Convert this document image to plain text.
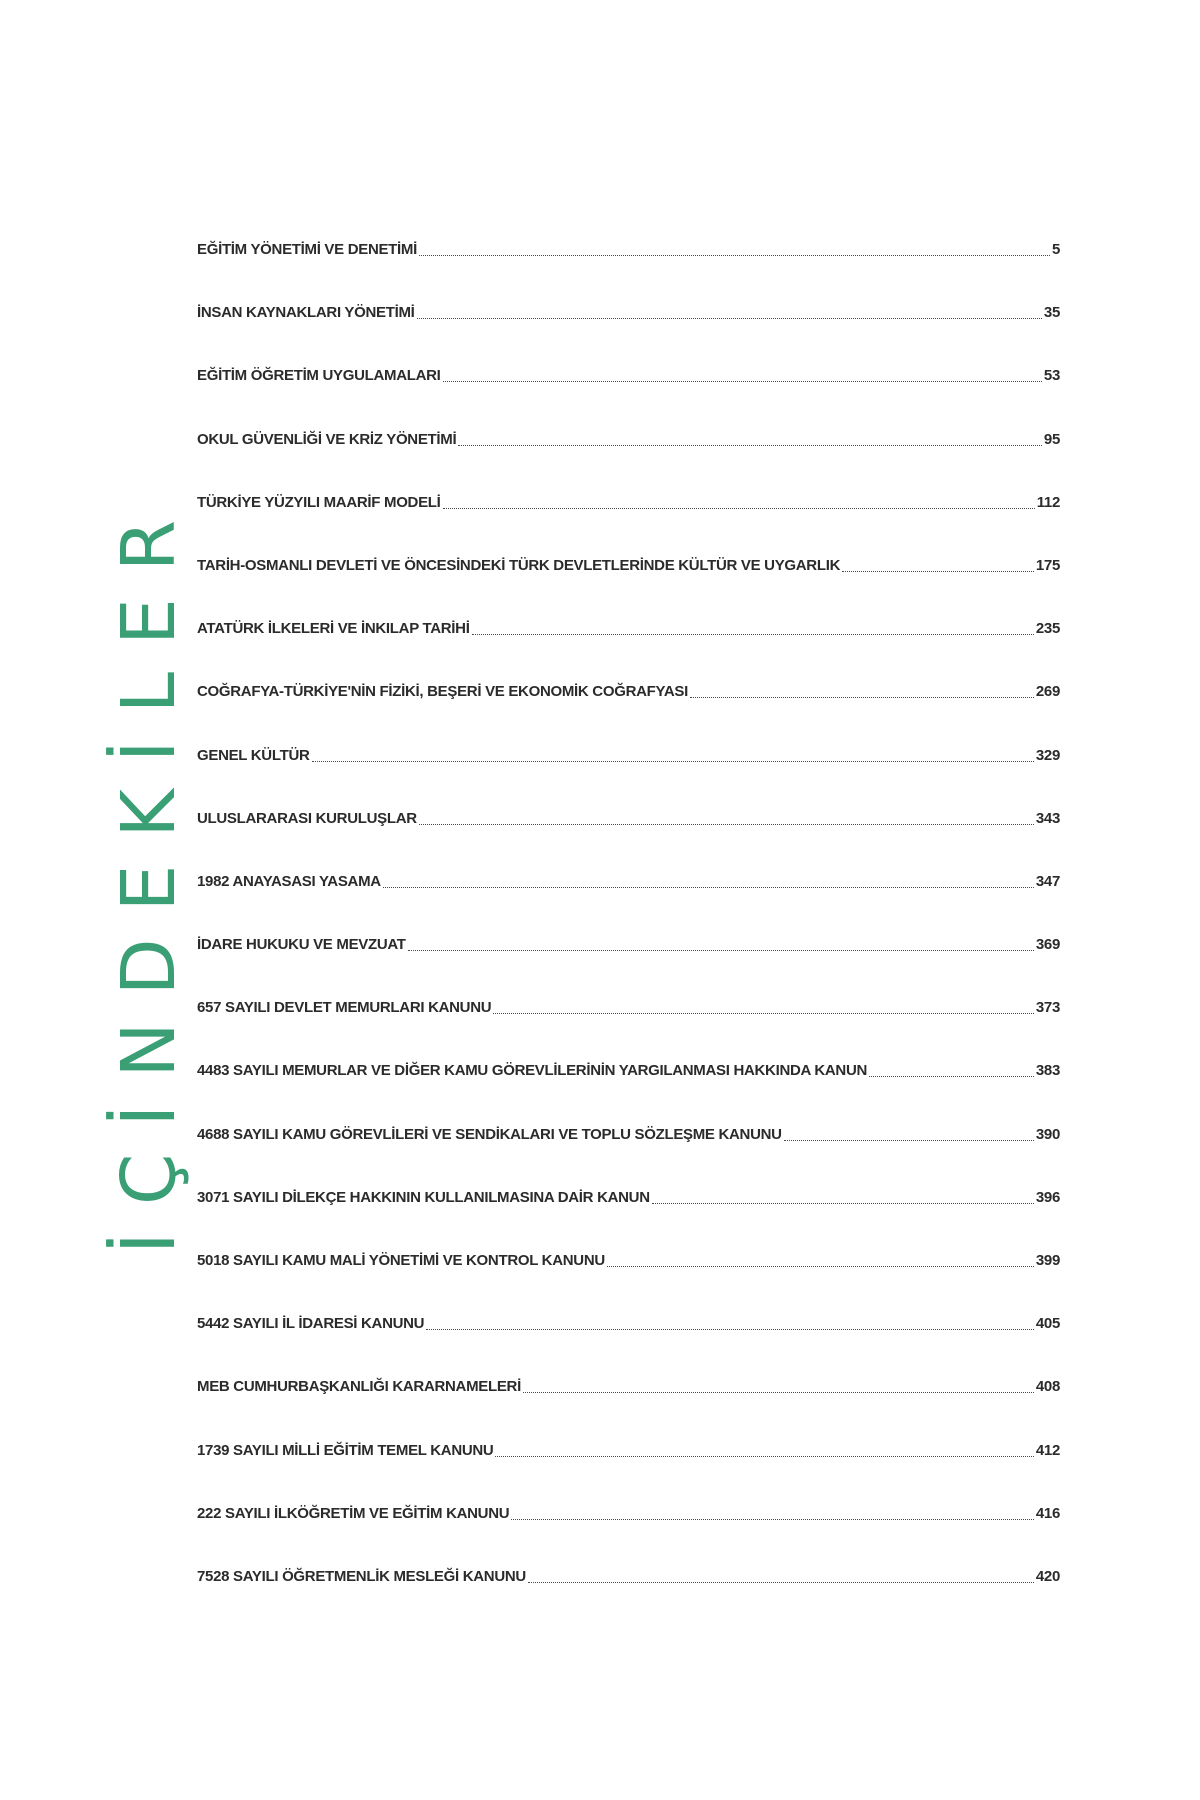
İÇİNDEKİLER
EĞİTİM YÖNETİMİ VE DENETİMİ	5
İNSAN KAYNAKLARI YÖNETİMİ	35
EĞİTİM ÖĞRETİM UYGULAMALARI	53
OKUL GÜVENLİĞİ VE KRİZ YÖNETİMİ	95
TÜRKİYE YÜZYILI MAARİF MODELİ	112
TARİH-OSMANLI DEVLETİ VE ÖNCESİNDEKİ TÜRK DEVLETLERİNDE KÜLTÜR VE UYGARLIK	175
ATATÜRK İLKELERİ VE İNKILAP TARİHİ	235
COĞRAFYA-TÜRKİYE'NİN FİZİKİ, BEŞERİ VE EKONOMİK COĞRAFYASI	269
GENEL KÜLTÜR	329
ULUSLARARASI KURULUŞLAR	343
1982 ANAYASASI YASAMA	347
İDARE HUKUKU VE MEVZUAT	369
657 SAYILI DEVLET MEMURLARI KANUNU	373
4483 SAYILI MEMURLAR VE DİĞER KAMU GÖREVLİLERİNİN YARGILANMASI HAKKINDA KANUN	383
4688 SAYILI KAMU GÖREVLİLERİ VE SENDİKALARI VE TOPLU SÖZLEŞME KANUNU	390
3071 SAYILI DİLEKÇE HAKKININ KULLANILMASINA DAİR KANUN	396
5018 SAYILI KAMU MALİ YÖNETİMİ VE KONTROL KANUNU	399
5442 SAYILI İL İDARESİ KANUNU	405
MEB CUMHURBAŞKANLIĞI KARARNAMELERİ	408
1739 SAYILI MİLLİ EĞİTİM TEMEL KANUNU	412
222 SAYILI İLKÖĞRETİM VE EĞİTİM KANUNU	416
7528 SAYILI ÖĞRETMENLİK MESLEĞİ KANUNU	420
